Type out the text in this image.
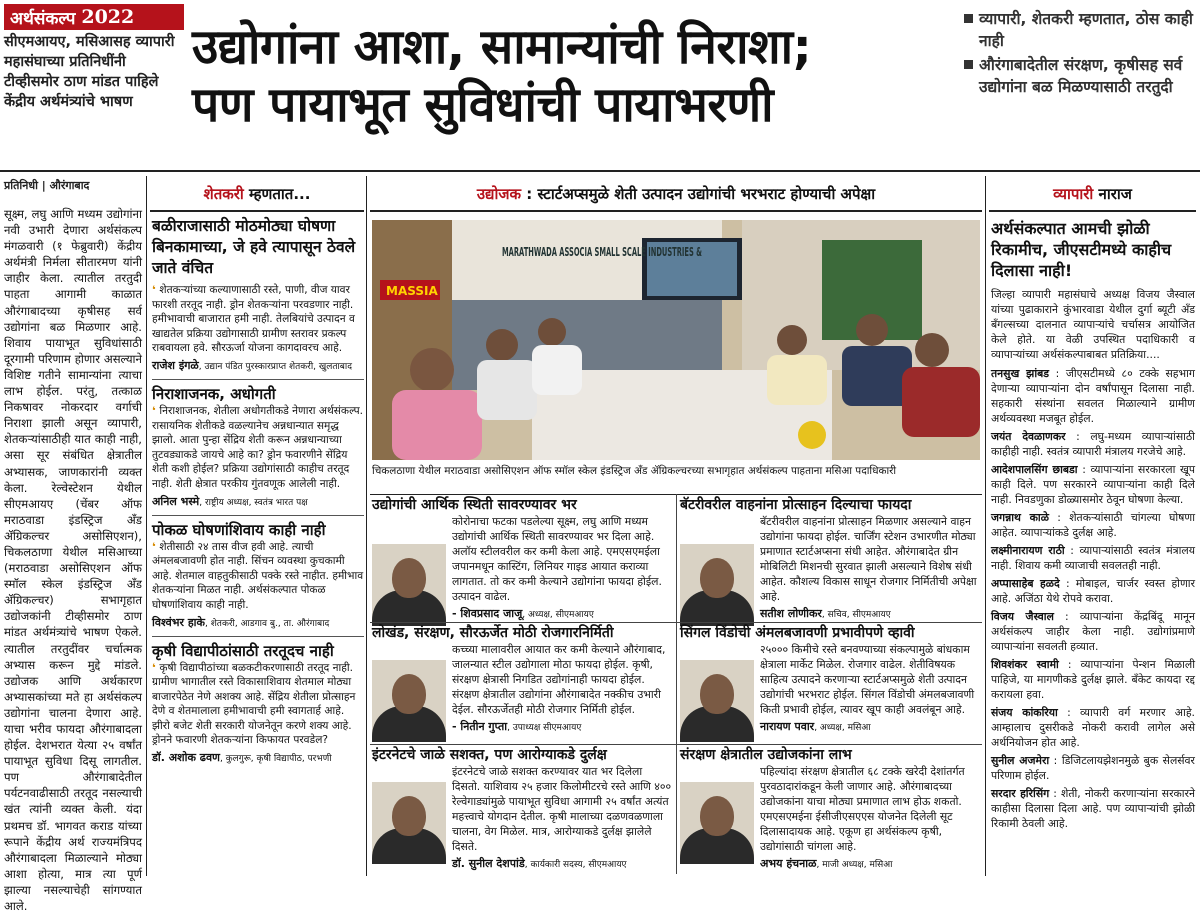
अर्थसंकल्प 2022
सीएमआयए, मसिआसह व्यापारी महासंघाच्या प्रतिनिधींनी टीव्हीसमोर ठाण मांडत पाहिले केंद्रीय अर्थमंत्र्यांचे भाषण
उद्योगांना आशा, सामान्यांची निराशा;
पण पायाभूत सुविधांची पायाभरणी
व्यापारी, शेतकरी म्हणतात, ठोस काही नाही
औरंगाबादेतील संरक्षण, कृषीसह सर्व उद्योगांना बळ मिळण्यासाठी तरतुदी
प्रतिनिधी | औरंगाबाद
सूक्ष्म, लघु आणि मध्यम उद्योगांना नवी उभारी देणारा अर्थसंकल्प मंगळवारी (१ फेब्रुवारी) केंद्रीय अर्थमंत्री निर्मला सीतारमण यांनी जाहीर केला. त्यातील तरतुदी पाहता आगामी काळात औरंगाबादच्या कृषीसह सर्व उद्योगांना बळ मिळणार आहे. शिवाय पायाभूत सुविधांसाठी दूरगामी परिणाम होणार असल्याने विशिष्ट गतीने सामान्यांना त्याचा लाभ होईल. परंतु, तत्काळ निकषावर नोकरदार वर्गाची निराशा झाली असून व्यापारी, शेतकऱ्यांसाठीही यात काही नाही, असा सूर संबंधित क्षेत्रातील अभ्यासक, जाणकारांनी व्यक्त केला. रेल्वेस्टेशन येथील सीएमआयए (चेंबर ऑफ मराठवाडा इंडस्ट्रिज अँड ॲग्रिकल्चर असोसिएशन), चिकलठाणा येथील मसिआच्या (मराठवाडा असोसिएशन ऑफ स्मॉल स्केल इंडस्ट्रिज अँड ॲग्रिकल्चर) सभागृहात उद्योजकांनी टीव्हीसमोर ठाण मांडत अर्थमंत्र्यांचे भाषण ऐकले. त्यातील तरतुदींवर चर्चात्मक अभ्यास करून मुद्दे मांडले. उद्योजक आणि अर्थकारण अभ्यासकांच्या मते हा अर्थसंकल्प उद्योगांना चालना देणारा आहे. याचा भरीव फायदा औरंगाबादला होईल. देशभरात येत्या २५ वर्षांत पायाभूत सुविधा दिसू लागतील. पण औरंगाबादेतील पर्यटनवाढीसाठी तरतूद नसल्याची खंत त्यांनी व्यक्त केली. यंदा प्रथमच डॉ. भागवत कराड यांच्या रूपाने केंद्रीय अर्थ राज्यमंत्रिपद औरंगाबादला मिळाल्याने मोठ्या आशा होत्या, मात्र त्या पूर्ण झाल्या नसल्याचेही सांगण्यात आले.
शेतकरी म्हणतात...
बळीराजासाठी मोठमोठ्या घोषणा बिनकामाच्या, जे हवे त्यापासून ठेवले जाते वंचित
❛ शेतकऱ्यांच्या कल्याणासाठी रस्ते, पाणी, वीज यावर फारशी तरतूद नाही. ड्रोन शेतकऱ्यांना परवडणार नाही. हमीभावाची बाजारात हमी नाही. तेलबियांचे उत्पादन व खाद्यतेल प्रक्रिया उद्योगासाठी ग्रामीण स्तरावर प्रकल्प राबवायला हवे. सौरऊर्जा योजना कागदावरच आहे.
राजेश इंगळे, उद्यान पंडित पुरस्कारप्राप्त शेतकरी, खुलताबाद
निराशाजनक, अधोगती
❛ निराशाजनक, शेतीला अधोगतीकडे नेणारा अर्थसंकल्प. रासायनिक शेतीकडे वळल्यानेच अन्नधान्यात समृद्ध झालो. आता पुन्हा सेंद्रिय शेती करून अन्नधान्याच्या तुटवड्याकडे जायचे आहे का? ड्रोन फवारणीने सेंद्रिय शेती कशी होईल? प्रक्रिया उद्योगांसाठी काहीच तरतूद नाही. शेती क्षेत्रात परकीय गुंतवणूक आलेली नाही.
अनिल भस्मे, राष्ट्रीय अध्यक्ष, स्वतंत्र भारत पक्ष
पोकळ घोषणांशिवाय काही नाही
❛ शेतीसाठी २४ तास वीज हवी आहे. त्याची अंमलबजावणी होत नाही. सिंचन व्यवस्था कुचकामी आहे. शेतमाल वाहतुकीसाठी पक्के रस्ते नाहीत. हमीभाव शेतकऱ्यांना मिळत नाही. अर्थसंकल्पात पोकळ घोषणांशिवाय काही नाही.
विश्वंभर हाके, शेतकरी, आडगाव बु., ता. औरंगाबाद
कृषी विद्यापीठांसाठी तरतूदच नाही
❛ कृषी विद्यापीठांच्या बळकटीकरणासाठी तरतूद नाही. ग्रामीण भागातील रस्ते विकासाशिवाय शेतमाल मोठ्या बाजारपेठेत नेणे अशक्य आहे. सेंद्रिय शेतीला प्रोत्साहन देणे व शेतमालाला हमीभावाची हमी स्वागतार्ह आहे. झीरो बजेट शेती सरकारी योजनेतून करणे शक्य आहे. ड्रोनने फवारणी शेतकऱ्यांना किफायत परवडेल?
डॉ. अशोक ढवण, कुलगुरू, कृषी विद्यापीठ, परभणी
उद्योजक : स्टार्टअप्समुळे शेती उत्पादन उद्योगांची भरभराट होण्याची अपेक्षा
MASSIA
MARATHWADA ASSOCIA SMALL SCALE INDUSTRIES &
चिकलठाणा येथील मराठवाडा असोसिएशन ऑफ स्मॉल स्केल इंडस्ट्रिज अँड ॲग्रिकल्चरच्या सभागृहात अर्थसंकल्प पाहताना मसिआ पदाधिकारी
उद्योगांची आर्थिक स्थिती सावरण्यावर भर
कोरोनाचा फटका पडलेल्या सूक्ष्म, लघु आणि मध्यम उद्योगांची आर्थिक स्थिती सावरण्यावर भर दिला आहे. अलॉय स्टीलवरील कर कमी केला आहे. एमएसएमईला जपानमधून कास्टिंग, लिनियर गाइड आयात कराव्या लागतात. तो कर कमी केल्याने उद्योगांना फायदा होईल. उत्पादन वाढेल.
- शिवप्रसाद जाजू, अध्यक्ष, सीएमआयए
बॅटरीवरील वाहनांना प्रोत्साहन दिल्याचा फायदा
बॅटरीवरील वाहनांना प्रोत्साहन मिळणार असल्याने वाहन उद्योगांना फायदा होईल. चार्जिंग स्टेशन उभारणीत मोठ्या प्रमाणात स्टार्टअप्सना संधी आहेत. औरंगाबादेत ग्रीन मोबिलिटी मिशनची सुरवात झाली असल्याने विशेष संधी आहेत. कौशल्य विकास साधून रोजगार निर्मितीची अपेक्षा आहे.
सतीश लोणीकर, सचिव, सीएमआयए
लोखंड, संरक्षण, सौरऊर्जेत मोठी रोजगारनिर्मिती
कच्च्या मालावरील आयात कर कमी केल्याने औरंगाबाद, जालन्यात स्टील उद्योगाला मोठा फायदा होईल. कृषी, संरक्षण क्षेत्रासी निगडित उद्योगांनाही फायदा होईल. संरक्षण क्षेत्रातील उद्योगांना औरंगाबादेत नक्कीच उभारी देईल. सौरऊर्जेतही मोठी रोजगार निर्मिती होईल.
- नितीन गुप्ता, उपाध्यक्ष सीएमआयए
सिंगल विंडोची अंमलबजावणी प्रभावीपणे व्हावी
२५००० किमीचे रस्ते बनवण्याच्या संकल्पामुळे बांधकाम क्षेत्राला मार्केट मिळेल. रोजगार वाढेल. शेतीविषयक साहित्य उत्पादने करणाऱ्या स्टार्टअप्समुळे शेती उत्पादन उद्योगांची भरभराट होईल. सिंगल विंडोची अंमलबजावणी किती प्रभावी होईल, त्यावर खूप काही अवलंबून आहे.
नारायण पवार, अध्यक्ष, मसिआ
इंटरनेटचे जाळे सशक्त, पण आरोग्याकडे दुर्लक्ष
इंटरनेटचे जाळे सशक्त करण्यावर यात भर दिलेला दिसतो. याशिवाय २५ हजार किलोमीटरचे रस्ते आणि ४०० रेल्वेगाड्यांमुळे पायाभूत सुविधा आगामी २५ वर्षांत अत्यंत महत्त्वाचे योगदान देतील. कृषी मालाच्या दळणवळणाला चालना, वेग मिळेल. मात्र, आरोग्याकडे दुर्लक्ष झालेले दिसते.
डॉ. सुनील देशपांडे, कार्यकारी सदस्य, सीएमआयए
संरक्षण क्षेत्रातील उद्योजकांना लाभ
पहिल्यांदा संरक्षण क्षेत्रातील ६८ टक्के खरेदी देशांतर्गत पुरवठादारांकडून केली जाणार आहे. औरंगाबादच्या उद्योजकांना याचा मोठ्या प्रमाणात लाभ होऊ शकतो. एमएसएमईना ईसीजीएसएएस योजनेत दिलेली सूट दिलासादायक आहे. एकूण हा अर्थसंकल्प कृषी, उद्योगांसाठी चांगला आहे.
अभय हंचनाळ, माजी अध्यक्ष, मसिआ
व्यापारी नाराज
अर्थसंकल्पात आमची झोळी रिकामीच, जीएसटीमध्ये काहीच दिलासा नाही!
जिल्हा व्यापारी महासंघाचे अध्यक्ष विजय जैस्वाल यांच्या पुढाकाराने कुंभारवाडा येथील दुर्गा ब्यूटी अँड बँगल्सच्या दालनात व्यापाऱ्यांचे चर्चासत्र आयोजित केले होते. या वेळी उपस्थित पदाधिकारी व व्यापाऱ्यांच्या अर्थसंकल्पाबाबत प्रतिक्रिया....
तनसुख झांबड : जीएसटीमध्ये ८० टक्के सहभाग देणाऱ्या व्यापाऱ्यांना दोन वर्षांपासून दिलासा नाही. सहकारी संस्थांना सवलत मिळाल्याने ग्रामीण अर्थव्यवस्था मजबूत होईल.
जयंत देवळाणकर : लघु-मध्यम व्यापाऱ्यांसाठी काहीही नाही. स्वतंत्र व्यापारी मंत्रालय गरजेचे आहे.
आदेशपालसिंग छाबडा : व्यापाऱ्यांना सरकारला खूप काही दिले. पण सरकारने व्यापाऱ्यांना काही दिले नाही. निवडणुका डोळ्यासमोर ठेवून घोषणा केल्या.
जगन्नाथ काळे : शेतकऱ्यांसाठी चांगल्या घोषणा आहेत. व्यापाऱ्यांकडे दुर्लक्ष आहे.
लक्ष्मीनारायण राठी : व्यापाऱ्यांसाठी स्वतंत्र मंत्रालय नाही. शिवाय कमी व्याजाची सवलतही नाही.
अप्पासाहेब हळदे : मोबाइल, चार्जर स्वस्त होणार आहे. अजिंठा येथे रोपवे करावा.
विजय जैस्वाल : व्यापाऱ्यांना केंद्रबिंदू मानून अर्थसंकल्प जाहीर केला नाही. उद्योगांप्रमाणे व्यापाऱ्यांना सवलती हव्यात.
शिवशंकर स्वामी : व्यापाऱ्यांना पेन्शन मिळाली पाहिजे, या मागणीकडे दुर्लक्ष झाले. बँकेट कायदा रद्द करायला हवा.
संजय कांकरिया : व्यापारी वर्ग मरणार आहे. आम्हालाच दुसरीकडे नोकरी करावी लागेल असे अर्थनियोजन होत आहे.
सुनील अजमेरा : डिजिटलायझेशनमुळे बुक सेलर्सवर परिणाम होईल.
सरदार हरिसिंग : शेती, नोकरी करणाऱ्यांना सरकारने काहीसा दिलासा दिला आहे. पण व्यापाऱ्यांची झोळी रिकामी ठेवली आहे.
